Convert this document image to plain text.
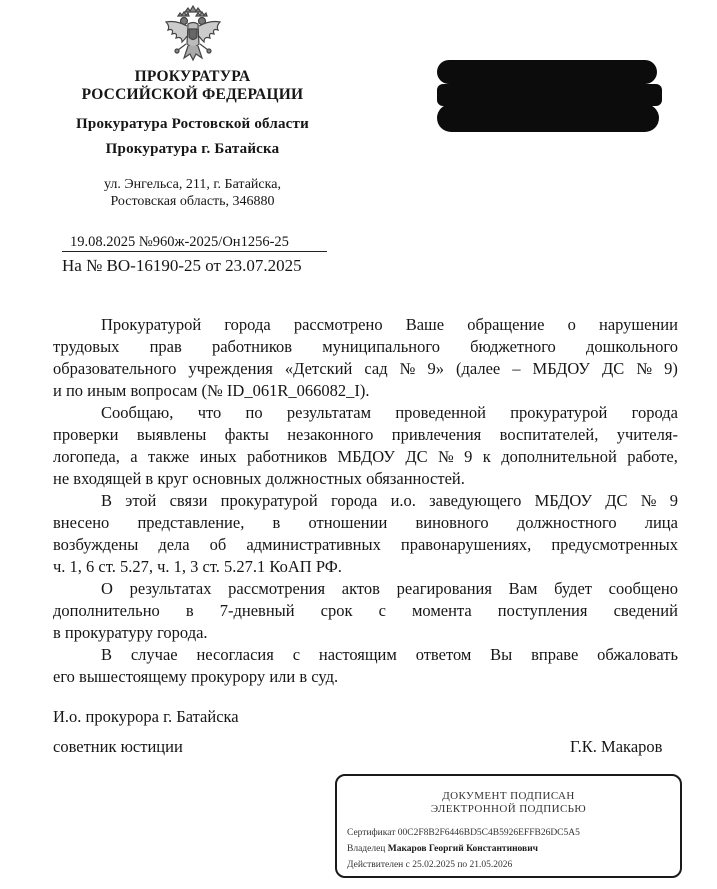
ПРОКУРАТУРА
РОССИЙСКОЙ ФЕДЕРАЦИИ
Прокуратура Ростовской области
Прокуратура г. Батайска
ул. Энгельса, 211, г. Батайска,
Ростовская область, 346880
19.08.2025 №960ж-2025/Он1256-25
На № ВО-16190-25 от 23.07.2025
Прокуратурой города рассмотрено Ваше обращение о нарушении
трудовых прав работников муниципального бюджетного дошкольного
образовательного учреждения «Детский сад № 9» (далее – МБДОУ ДС № 9)
и по иным вопросам (№ ID_061R_066082_I).
Сообщаю, что по результатам проведенной прокуратурой города
проверки выявлены факты незаконного привлечения воспитателей, учителя-
логопеда, а также иных работников МБДОУ ДС № 9 к дополнительной работе,
не входящей в круг основных должностных обязанностей.
В этой связи прокуратурой города и.о. заведующего МБДОУ ДС № 9
внесено представление, в отношении виновного должностного лица
возбуждены дела об административных правонарушениях, предусмотренных
ч. 1, 6 ст. 5.27, ч. 1, 3 ст. 5.27.1 КоАП РФ.
О результатах рассмотрения актов реагирования Вам будет сообщено
дополнительно в 7-дневный срок с момента поступления сведений
в прокуратуру города.
В случае несогласия с настоящим ответом Вы вправе обжаловать
его вышестоящему прокурору или в суд.
И.о. прокурора г. Батайска
советник юстиции	Г.К. Макаров
ДОКУМЕНТ ПОДПИСАН
ЭЛЕКТРОННОЙ ПОДПИСЬЮ
Сертификат 00C2F8B2F6446BD5C4B5926EFFB26DC5A5
Владелец Макаров Георгий Константинович
Действителен с 25.02.2025 по 21.05.2026
